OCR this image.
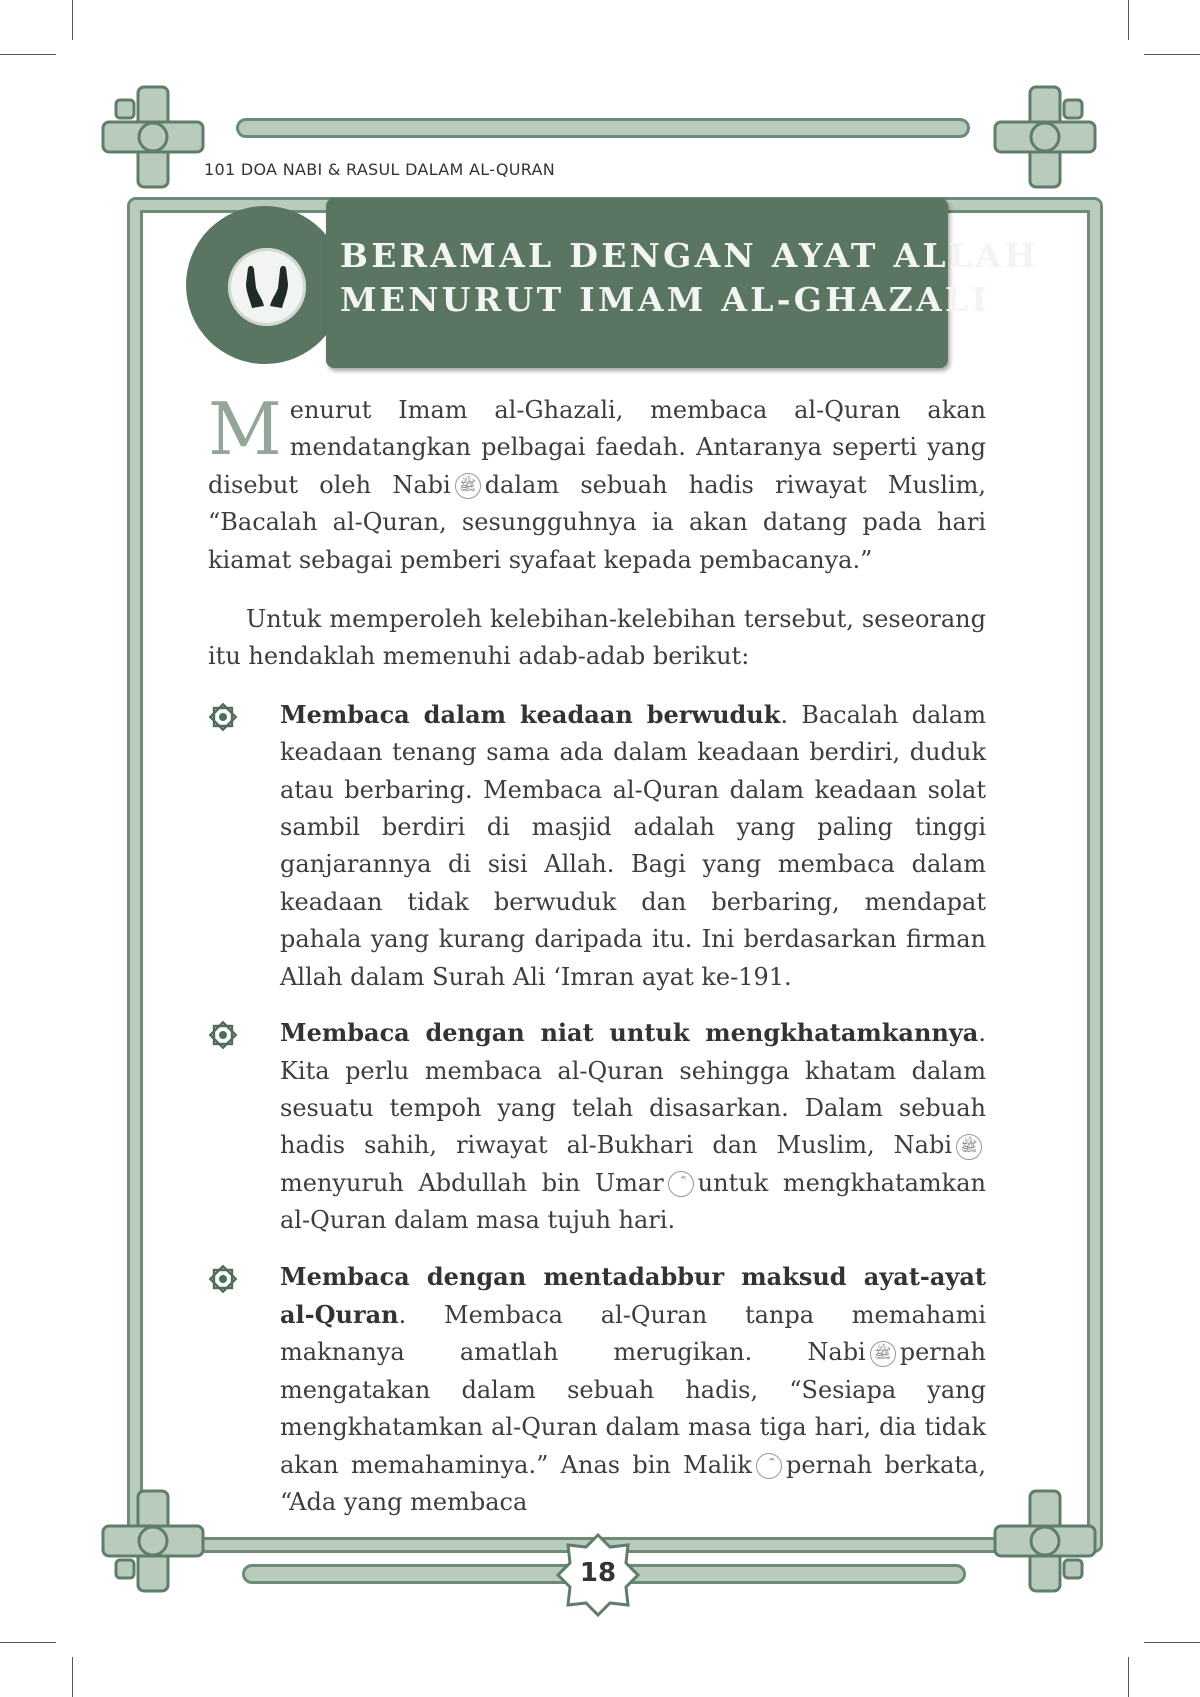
101 DOA NABI & RASUL DALAM AL-QURAN
BERAMAL DENGAN AYAT ALLAH
MENURUT IMAM AL-GHAZALI

Menurut Imam al-Ghazali, membaca al-Quran akan mendatangkan pelbagai faedah. Antaranya seperti yang disebut oleh Nabi ﷺ dalam sebuah hadis riwayat Muslim, “Bacalah al-Quran, sesungguhnya ia akan datang pada hari kiamat sebagai pemberi syafaat kepada pembacanya.”

Untuk memperoleh kelebihan-kelebihan tersebut, seseorang itu hendaklah memenuhi adab-adab berikut:

Membaca dalam keadaan berwuduk. Bacalah dalam keadaan tenang sama ada dalam keadaan berdiri, duduk atau berbaring. Membaca al-Quran dalam keadaan solat sambil berdiri di masjid adalah yang paling tinggi ganjarannya di sisi Allah. Bagi yang membaca dalam keadaan tidak berwuduk dan berbaring, mendapat pahala yang kurang daripada itu. Ini berdasarkan firman Allah dalam Surah Ali ‘Imran ayat ke-191.
Membaca dengan niat untuk mengkhatamkannya. Kita perlu membaca al-Quran sehingga khatam dalam sesuatu tempoh yang telah disasarkan. Dalam sebuah hadis sahih, riwayat al-Bukhari dan Muslim, Nabi ﷺmenyuruh Abdullah bin Umar untuk mengkhatamkan al-Quran dalam masa tujuh hari.
Membaca dengan mentadabbur maksud ayat-ayat al-Quran. Membaca al-Quran tanpa memahami maknanya amatlah merugikan. Nabi ﷺ pernah mengatakan dalam sebuah hadis, “Sesiapa yang mengkhatamkan al-Quran dalam masa tiga hari, dia tidak akan memahaminya.” Anas bin Malik pernah berkata, “Ada yang membaca
18
